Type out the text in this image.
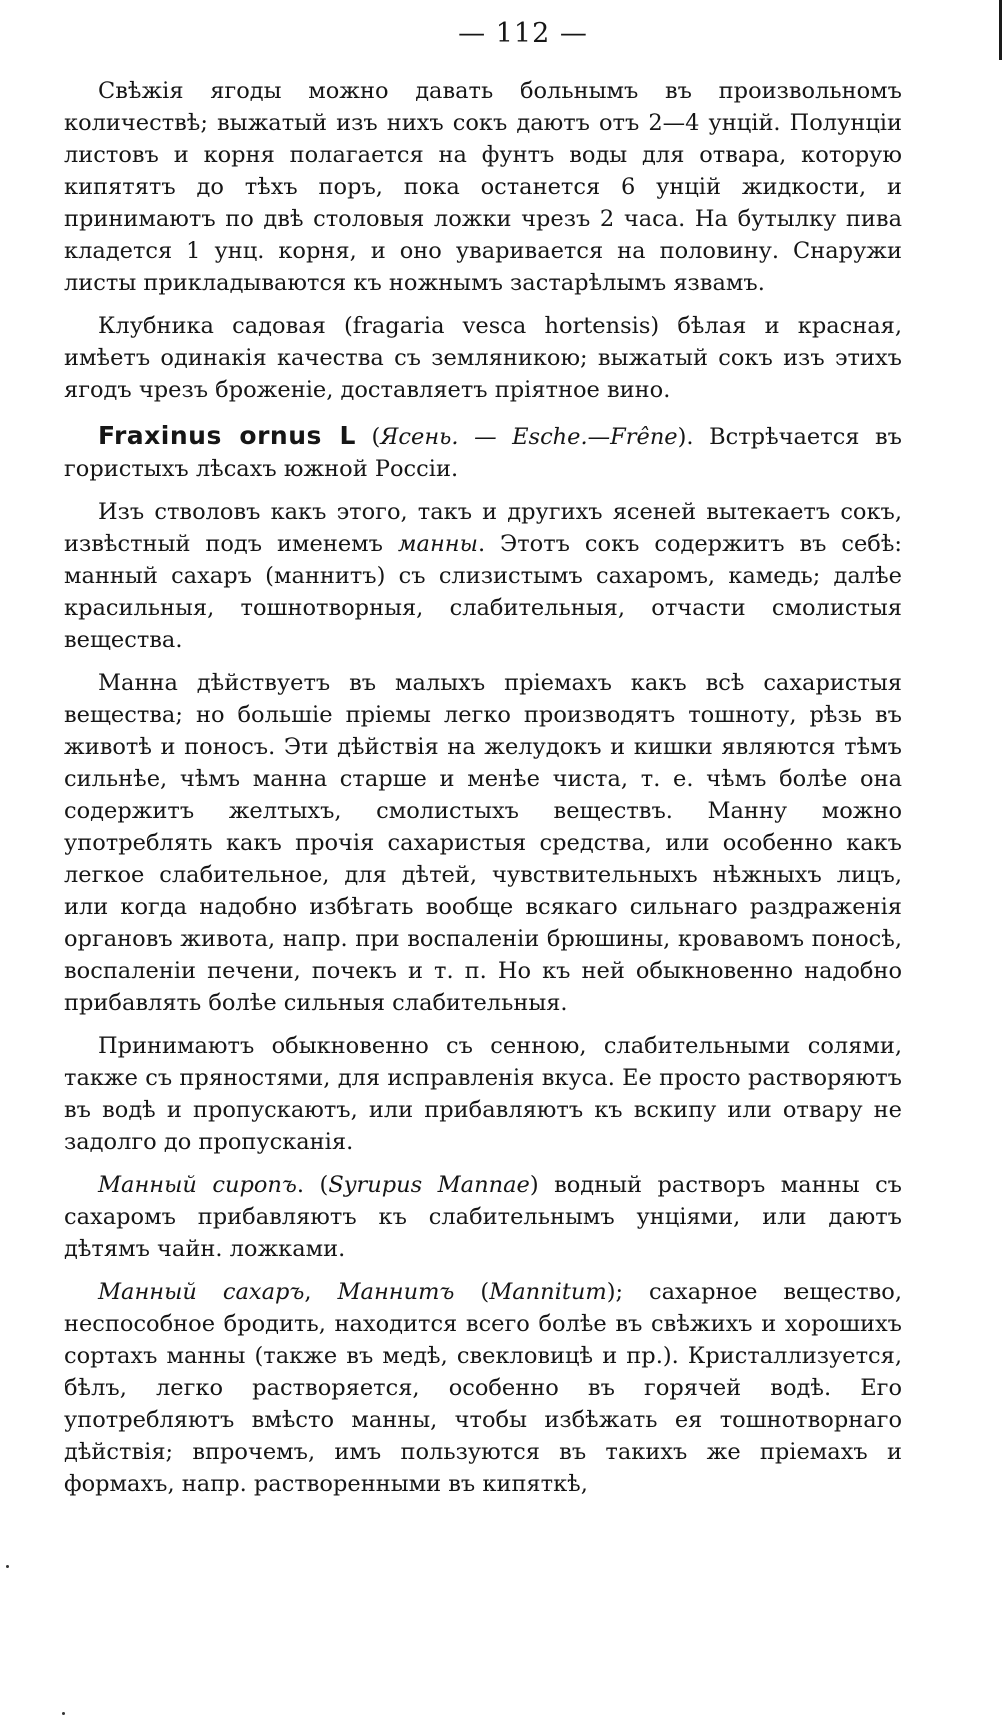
— 112 —

Свѣжія ягоды можно давать больнымъ въ произвольномъ количествѣ; выжатый изъ нихъ сокъ даютъ отъ 2—4 унцій. Полунціи листовъ и корня полагается на фунтъ воды для отвара, которую кипятятъ до тѣхъ поръ, пока останется 6 унцій жидкости, и принимаютъ по двѣ столовыя ложки чрезъ 2 часа. На бутылку пива кладется 1 унц. корня, и оно уваривается на половину. Снаружи листы прикладываются къ ножнымъ застарѣлымъ язвамъ.

Клубника садовая (fragaria vesca hortensis) бѣлая и красная, имѣетъ одинакія качества съ земляникою; выжатый сокъ изъ этихъ ягодъ чрезъ броженіе, доставляетъ пріятное вино.

Fraxinus ornus L (Ясень. — Esche.—Frêne). Встрѣчается въ гористыхъ лѣсахъ южной Россіи.

Изъ стволовъ какъ этого, такъ и другихъ ясеней вытекаетъ сокъ, извѣстный подъ именемъ манны. Этотъ сокъ содержитъ въ себѣ: манный сахаръ (маннитъ) съ слизистымъ сахаромъ, камедь; далѣе красильныя, тошнотворныя, слабительныя, отчасти смолистыя вещества.

Манна дѣйствуетъ въ малыхъ пріемахъ какъ всѣ сахаристыя вещества; но большіе пріемы легко производятъ тошноту, рѣзь въ животѣ и поносъ. Эти дѣйствія на желудокъ и кишки являются тѣмъ сильнѣе, чѣмъ манна старше и менѣе чиста, т. е. чѣмъ болѣе она содержитъ желтыхъ, смолистыхъ веществъ. Манну можно употреблять какъ прочія сахаристыя средства, или особенно какъ легкое слабительное, для дѣтей, чувствительныхъ нѣжныхъ лицъ, или когда надобно избѣгать вообще всякаго сильнаго раздраженія органовъ живота, напр. при воспаленіи брюшины, кровавомъ поносѣ, воспаленіи печени, почекъ и т. п. Но къ ней обыкновенно надобно прибавлять болѣе сильныя слабительныя.

Принимаютъ обыкновенно съ сенною, слабительными солями, также съ пряностями, для исправленія вкуса. Ее просто растворяютъ въ водѣ и пропускаютъ, или прибавляютъ къ вскипу или отвару не задолго до пропусканія.

Манный сиропъ. (Syrupus Mannae) водный растворъ манны съ сахаромъ прибавляютъ къ слабительнымъ унціями, или даютъ дѣтямъ чайн. ложками.

Манный сахаръ, Маннитъ (Mannitum); сахарное вещество, неспособное бродить, находится всего болѣе въ свѣжихъ и хорошихъ сортахъ манны (также въ медѣ, свекловицѣ и пр.). Кристаллизуется, бѣлъ, легко растворяется, особенно въ горячей водѣ. Его употребляютъ вмѣсто манны, чтобы избѣжать ея тошнотворнаго дѣйствія; впрочемъ, имъ пользуются въ такихъ же пріемахъ и формахъ, напр. растворенными въ кипяткѣ,
